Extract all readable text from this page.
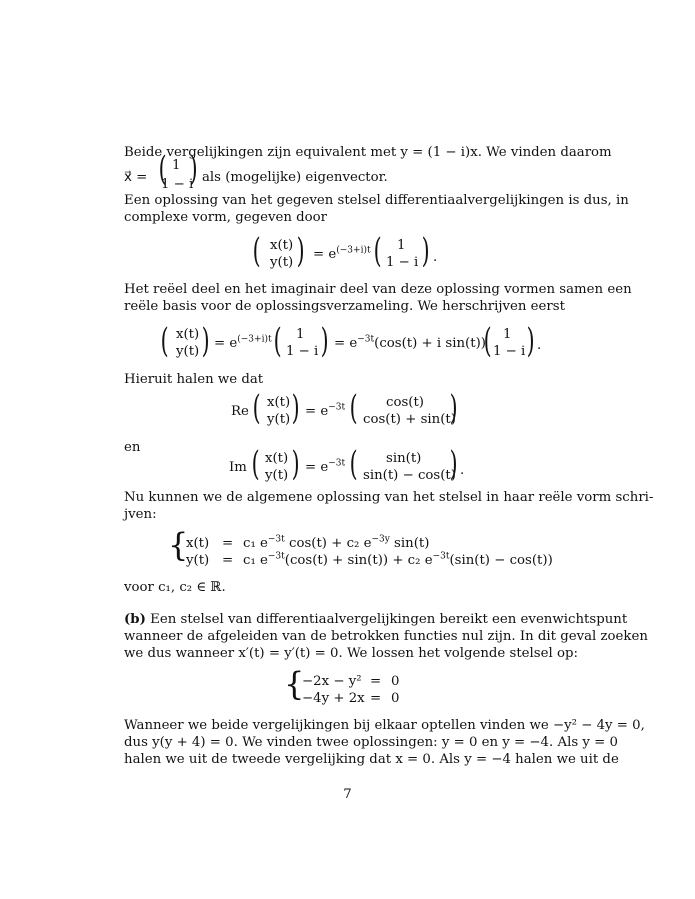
Beide vergelijkingen zijn equivalent met y = (1 − i)x. We vinden daarom
x⃗ = ( 1
1 − i
) als (mogelijke) eigenvector.
Een oplossing van het gegeven stelsel differentiaalvergelijkingen is dus, in
complexe vorm, gegeven door
( x(t)
y(t) ) = $e^{(-3+i)t}$ ( 1
1 − i ) .
Het reëel deel en het imaginair deel van deze oplossing vormen samen een
reële basis voor de oplossingsverzameling. We herschrijven eerst
( x(t)
y(t) ) = $e^{(-3+i)t}$ ( 1
1 − i ) = $e^{-3t}(\cos(t) + i$ sin(t))
( 1
1 − i ) .
Hieruit halen we dat
Re ( x(t)
y(t) ) = $e^{-3t}$ ( cos(t)
cos(t) + sin(t)
)
en
Im ( x(t)
y(t) ) = $e^{-3t}$ ( sin(t)
sin(t) − cos(t)
) .
Nu kunnen we de algemene oplossing van het stelsel in haar reële vorm schri-
jven:
{
x(t) = c₁ $e^{-3t}$ cos(t) + c₂ $e^{-3y}$ sin(t)
y(t) = c₁ $e^{-3t}(\cos(t) + \sin(t)) + c_2$ $e^{-3t}(\sin(t) - \cos(t))$
voor c₁, c₂ ∈ ℝ.
(b) Een stelsel van differentiaalvergelijkingen bereikt een evenwichtspunt
wanneer de afgeleiden van de betrokken functies nul zijn. In dit geval zoeken
we dus wanneer x′(t) = y′(t) = 0. We lossen het volgende stelsel op:
{
−2x − y² = 0
−4y + 2x = 0
Wanneer we beide vergelijkingen bij elkaar optellen vinden we −y² − 4y = 0,
dus y(y + 4) = 0. We vinden twee oplossingen: y = 0 en y = −4. Als y = 0
halen we uit de tweede vergelijking dat x = 0. Als y = −4 halen we uit de
7
